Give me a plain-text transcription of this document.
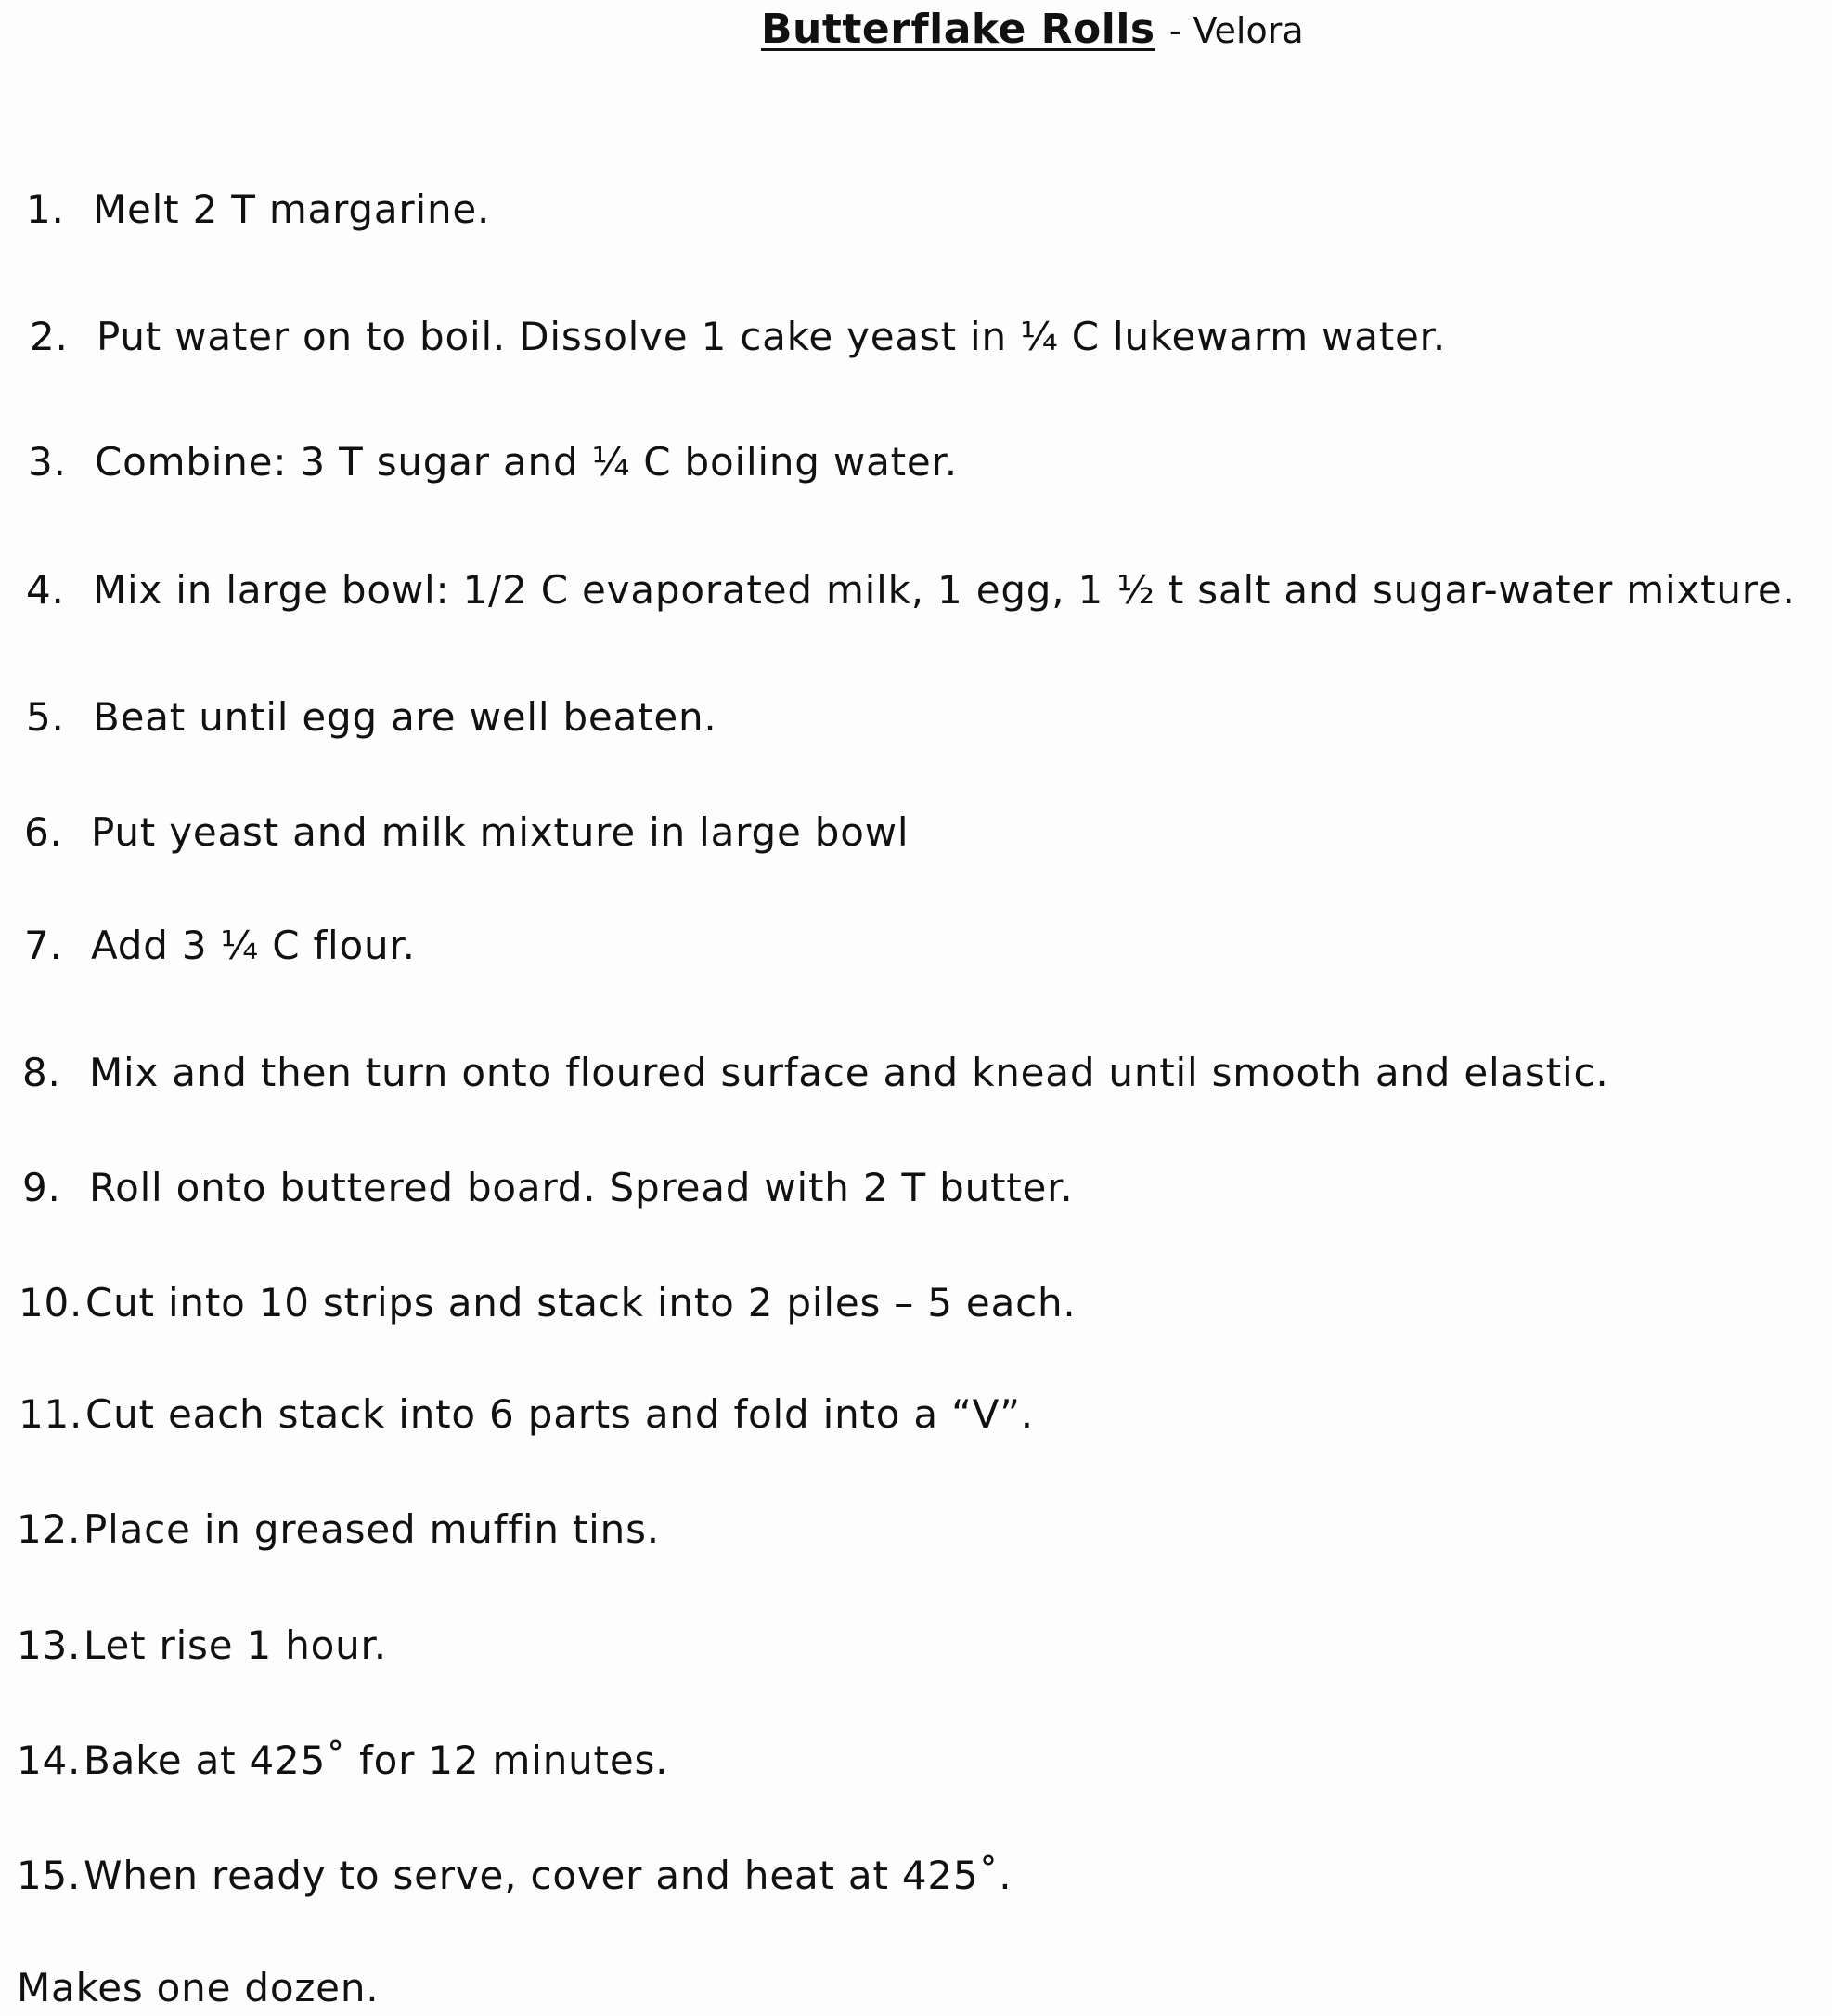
Butterflake Rolls - Velora
1. Melt 2 T margarine.
2. Put water on to boil. Dissolve 1 cake yeast in ¼ C lukewarm water.
3. Combine: 3 T sugar and ¼ C boiling water.
4. Mix in large bowl: 1/2 C evaporated milk, 1 egg, 1 ½ t salt and sugar-water mixture.
5. Beat until egg are well beaten.
6. Put yeast and milk mixture in large bowl
7. Add 3 ¼ C flour.
8. Mix and then turn onto floured surface and knead until smooth and elastic.
9. Roll onto buttered board. Spread with 2 T butter.
10.Cut into 10 strips and stack into 2 piles – 5 each.
11.Cut each stack into 6 parts and fold into a “V”.
12.Place in greased muffin tins.
13.Let rise 1 hour.
14.Bake at 425˚ for 12 minutes.
15.When ready to serve, cover and heat at 425˚.
Makes one dozen.
